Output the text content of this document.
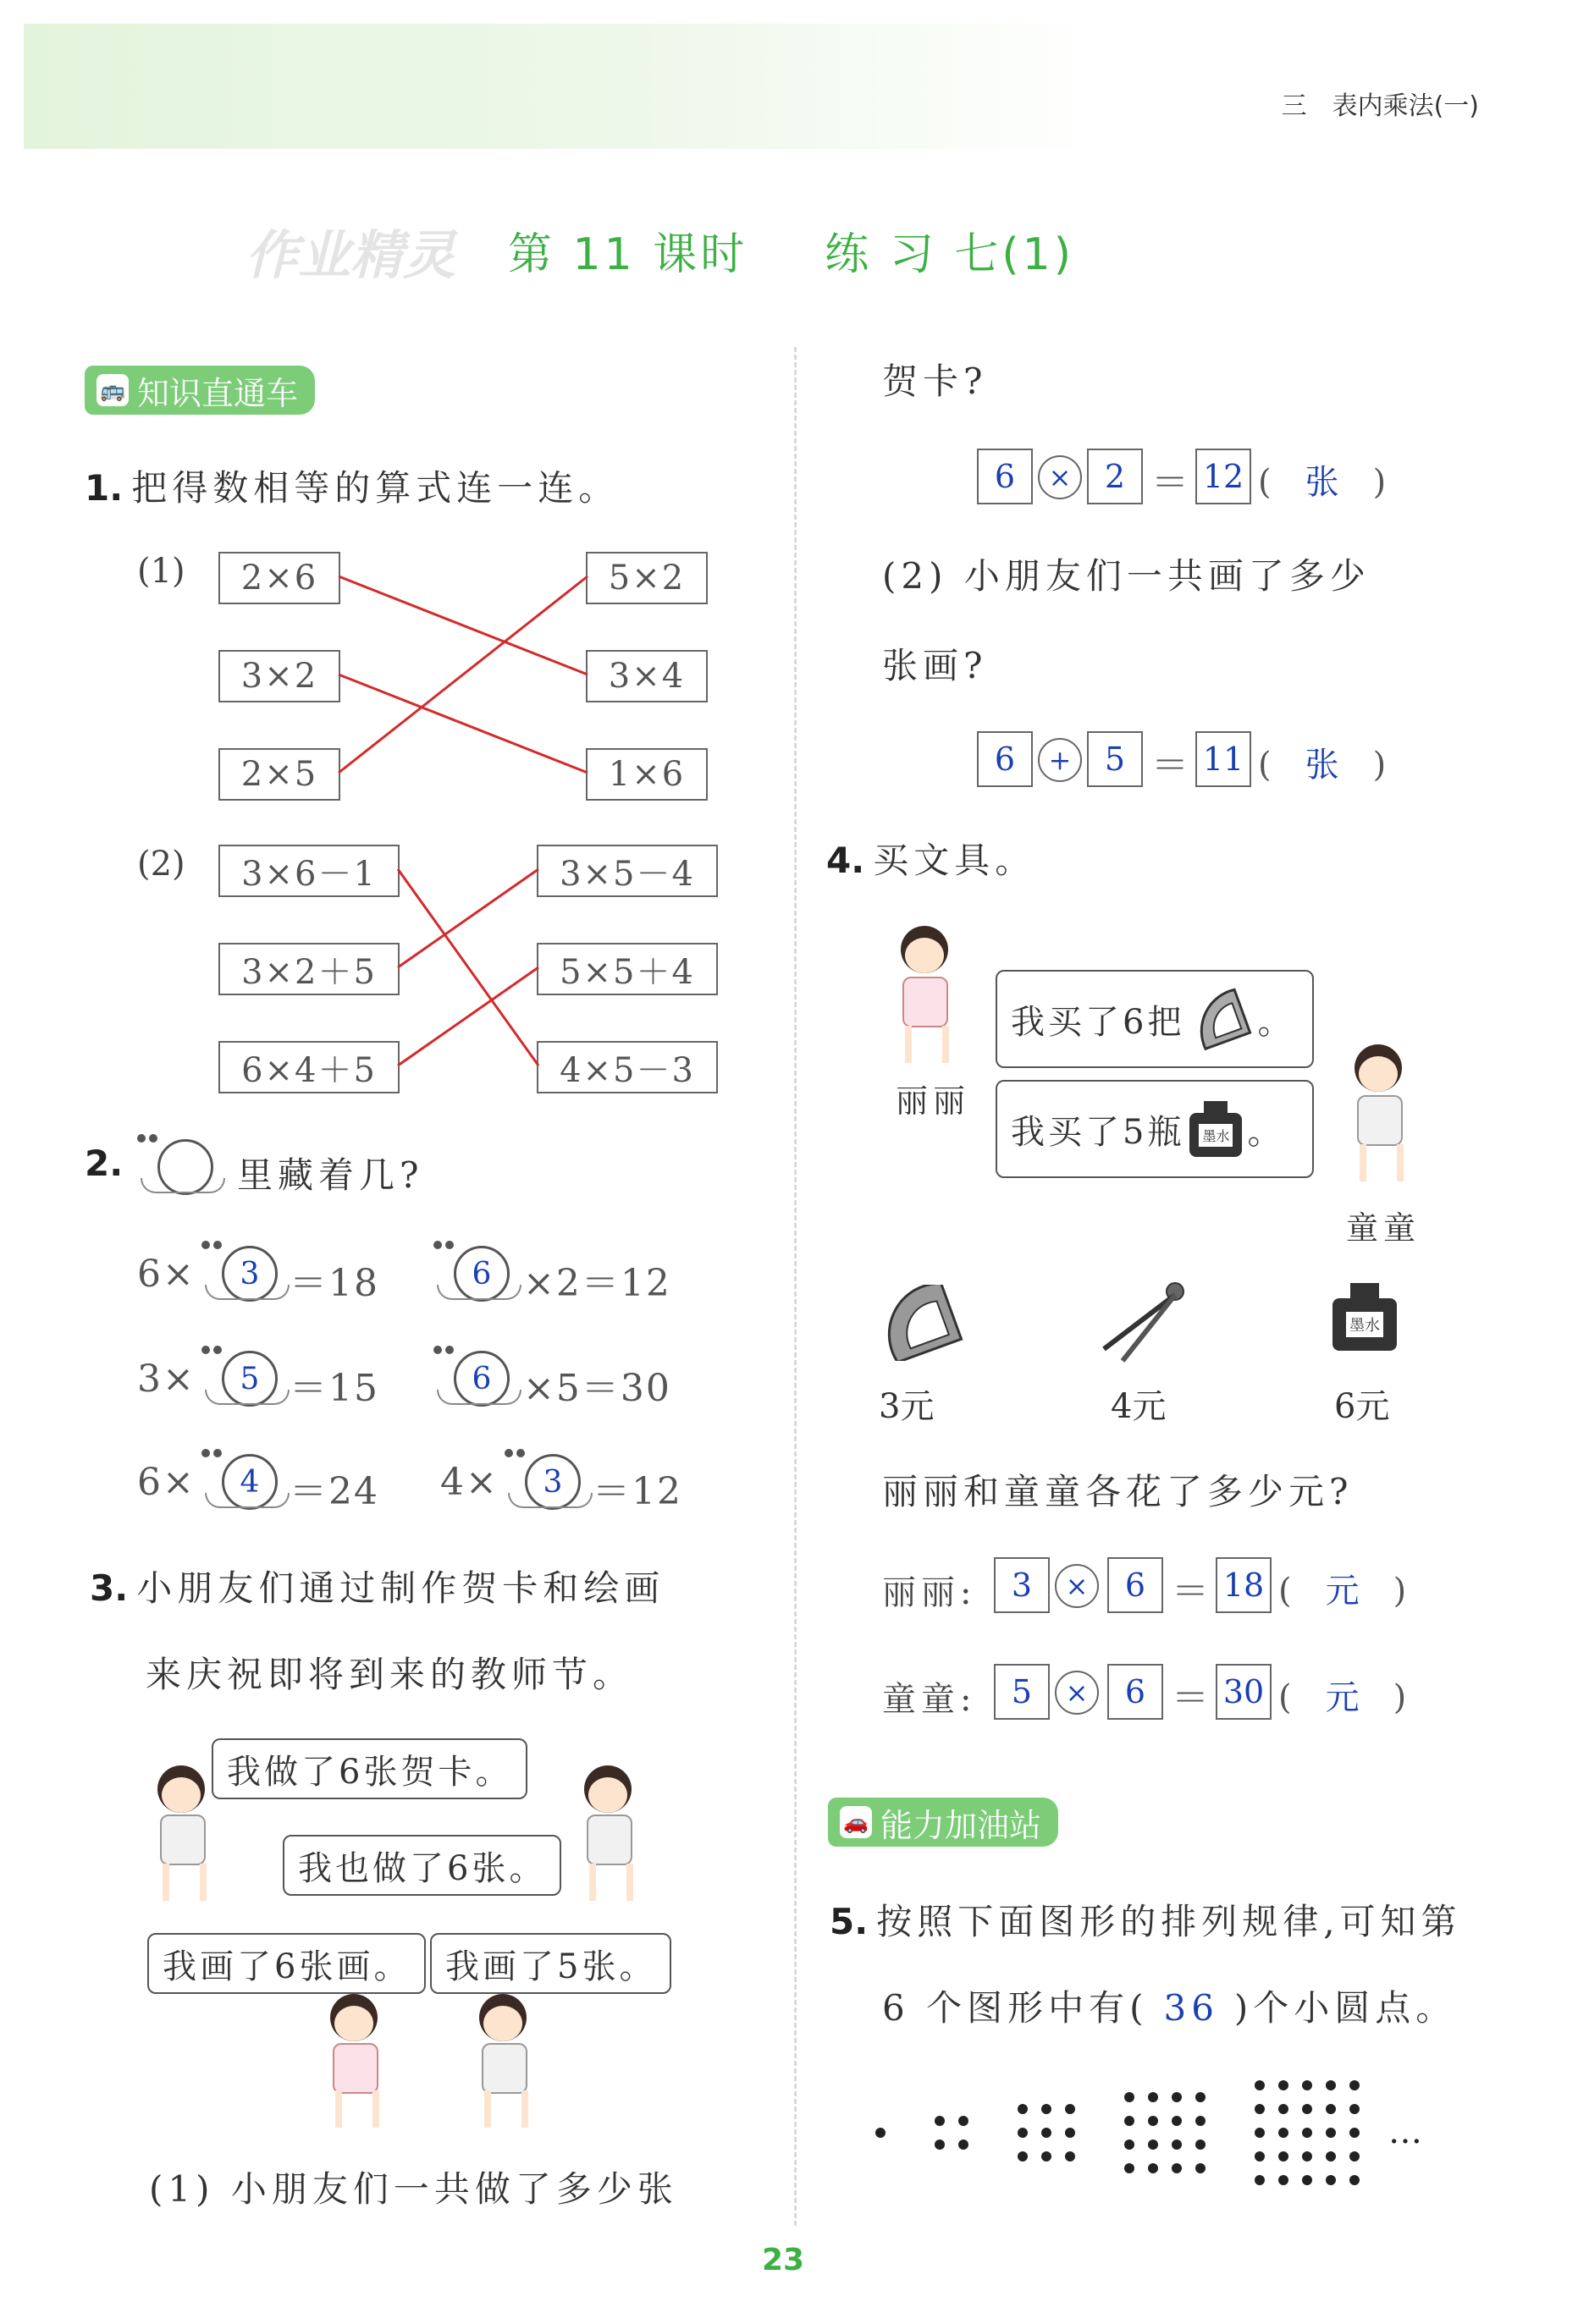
三　表内乘法(一)
作业精灵 第 11 课时 练 习 七(1)
🚌 知识直通车
1. 把得数相等的算式连一连。
(1)	2×6
3×2
2×5
5×2
3×4
1×6
(2)	3×6－1
3×2＋5
6×4＋5
3×5－4
5×5＋4
4×5－3
2.	里藏着几?
6×	3 ＝18	6 ×2＝12
3×	5 ＝15	6 ×5＝30
6×	4 ＝24 4×	3 ＝12
3. 小朋友们通过制作贺卡和绘画
来庆祝即将到来的教师节。
我做了6张贺卡。
我也做了6张。
我画了6张画。	我画了5张。
(1) 小朋友们一共做了多少张
贺卡?
6	×	2 ＝ 12 (　张　)
(2) 小朋友们一共画了多少
张画?
6	+	5 ＝ 11 (　张　)
4. 买文具。
丽丽
我买了6把 。
我买了5瓶 墨水 。
童童
墨水
3元	4元	6元
丽丽和童童各花了多少元?
丽丽:	3	×	6 ＝ 18 (　元　)
童童:	5	×	6 ＝ 30 (　元　)
🚗 能力加油站
5. 按照下面图形的排列规律,可知第
6 个图形中有( 36 )个小圆点。
…
23
